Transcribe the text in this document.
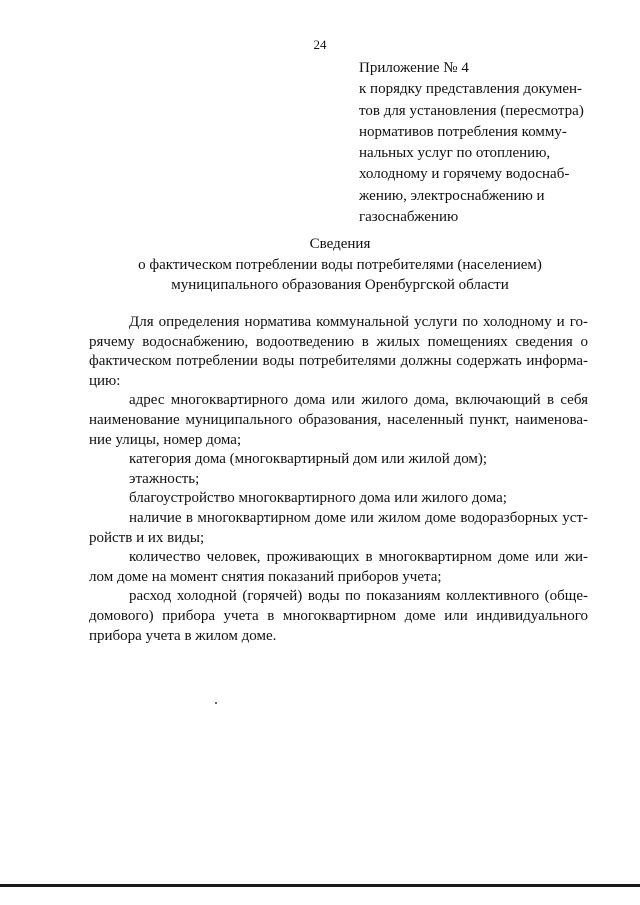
24
Приложение № 4
к порядку представления докумен-
тов для установления (пересмотра)
нормативов потребления комму-
нальных услуг по отоплению,
холодному и горячему водоснаб-
жению, электроснабжению и
газоснабжению
Сведения
о фактическом потреблении воды потребителями (населением)
муниципального образования Оренбургской области
Для определения норматива коммунальной услуги по холодному и го-
рячему водоснабжению, водоотведению в жилых помещениях сведения о
фактическом потреблении воды потребителями должны содержать информа-
цию:
адрес многоквартирного дома или жилого дома, включающий в себя
наименование муниципального образования, населенный пункт, наименова-
ние улицы, номер дома;
категория дома (многоквартирный дом или жилой дом);
этажность;
благоустройство многоквартирного дома или жилого дома;
наличие в многоквартирном доме или жилом доме водоразборных уст-
ройств и их виды;
количество человек, проживающих в многоквартирном доме или жи-
лом доме на момент снятия показаний приборов учета;
расход холодной (горячей) воды по показаниям коллективного (обще-
домового) прибора учета в многоквартирном доме или индивидуального
прибора учета в жилом доме.
